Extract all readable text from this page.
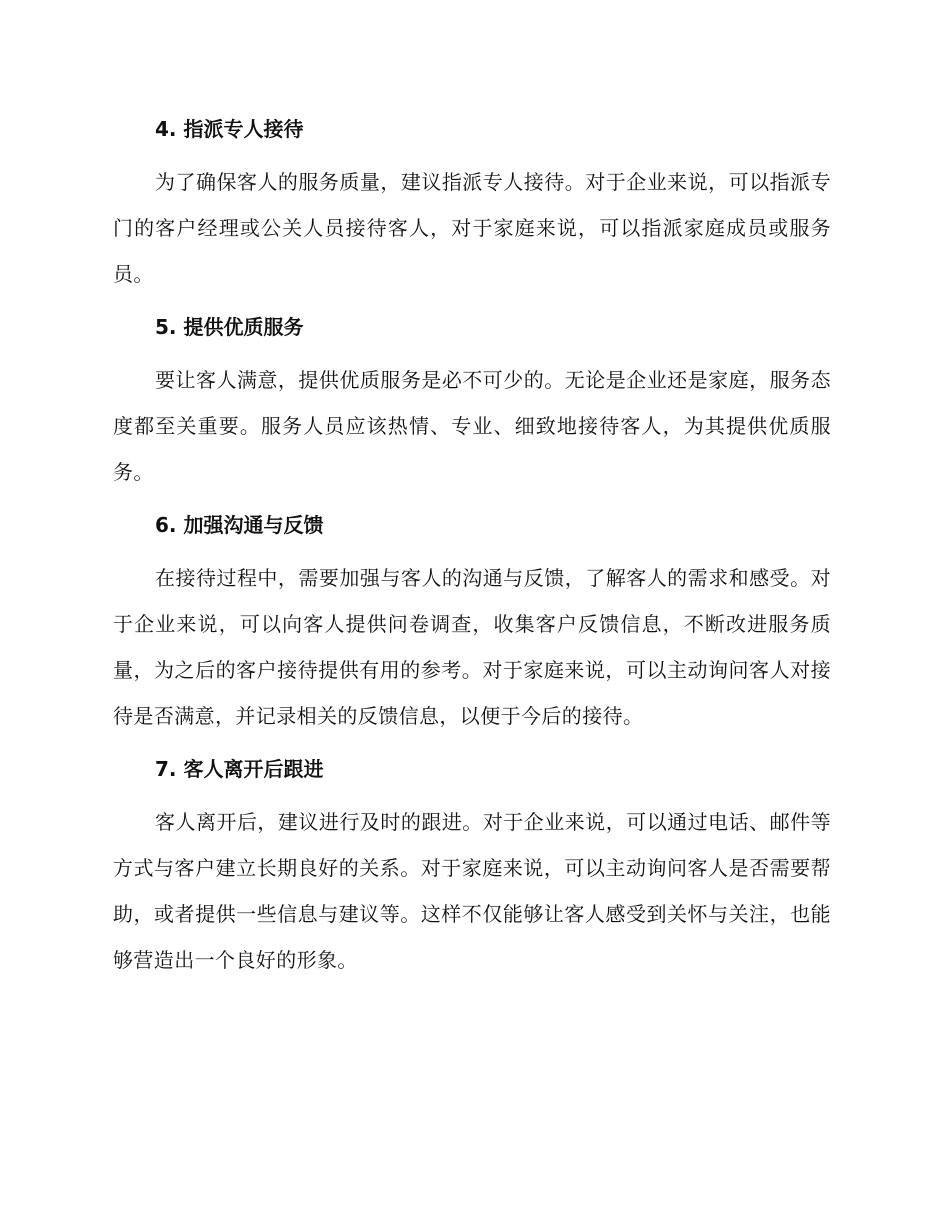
4. 指派专人接待

为了确保客人的服务质量，建议指派专人接待。对于企业来说，可以指派专门的客户经理或公关人员接待客人，对于家庭来说，可以指派家庭成员或服务员。

5. 提供优质服务

要让客人满意，提供优质服务是必不可少的。无论是企业还是家庭，服务态度都至关重要。服务人员应该热情、专业、细致地接待客人，为其提供优质服务。

6. 加强沟通与反馈

在接待过程中，需要加强与客人的沟通与反馈，了解客人的需求和感受。对于企业来说，可以向客人提供问卷调查，收集客户反馈信息，不断改进服务质量，为之后的客户接待提供有用的参考。对于家庭来说，可以主动询问客人对接待是否满意，并记录相关的反馈信息，以便于今后的接待。

7. 客人离开后跟进

客人离开后，建议进行及时的跟进。对于企业来说，可以通过电话、邮件等方式与客户建立长期良好的关系。对于家庭来说，可以主动询问客人是否需要帮助，或者提供一些信息与建议等。这样不仅能够让客人感受到关怀与关注，也能够营造出一个良好的形象。
